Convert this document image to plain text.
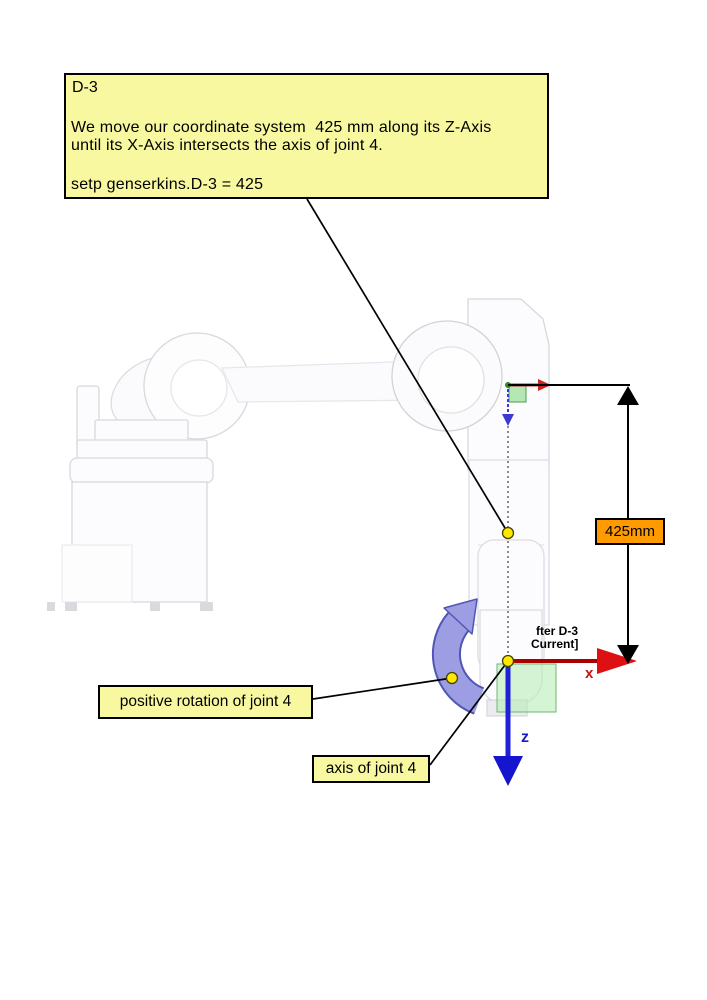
D-3
We move our coordinate system  425 mm along its Z-Axis
until its X-Axis intersects the axis of joint 4.
setp genserkins.D-3 = 425
positive rotation of joint 4
axis of joint 4
425mm
fter D-3
Current]
x
z
